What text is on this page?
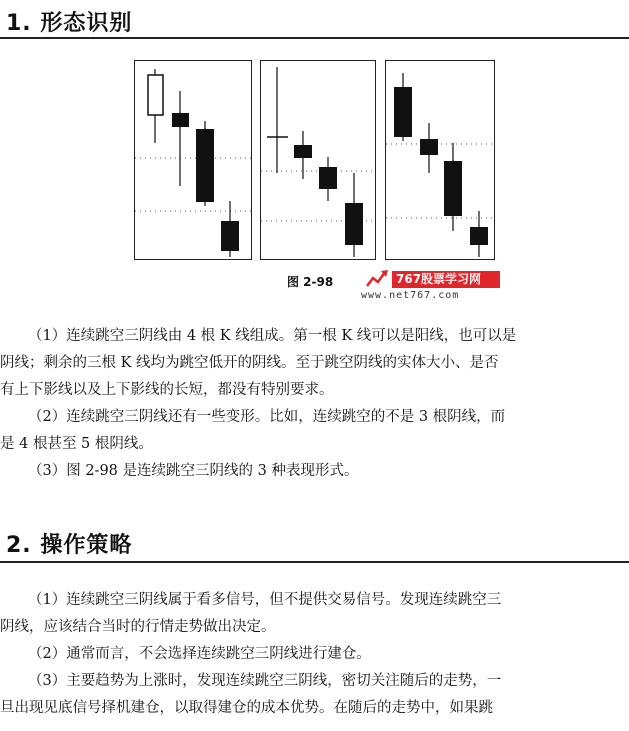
1. 形态识别
图 2-98	767股票学习网
www.net767.com

（1）连续跳空三阴线由 4 根 K 线组成。第一根 K 线可以是阳线，也可以是

阴线；剩余的三根 K 线均为跳空低开的阴线。至于跳空阴线的实体大小、是否

有上下影线以及上下影线的长短，都没有特别要求。

（2）连续跳空三阴线还有一些变形。比如，连续跳空的不是 3 根阴线，而

是 4 根甚至 5 根阴线。

（3）图 2-98 是连续跳空三阴线的 3 种表现形式。

2. 操作策略

（1）连续跳空三阴线属于看多信号，但不提供交易信号。发现连续跳空三

阴线，应该结合当时的行情走势做出决定。

（2）通常而言，不会选择连续跳空三阴线进行建仓。

（3）主要趋势为上涨时，发现连续跳空三阴线，密切关注随后的走势，一

旦出现见底信号择机建仓，以取得建仓的成本优势。在随后的走势中，如果跳
